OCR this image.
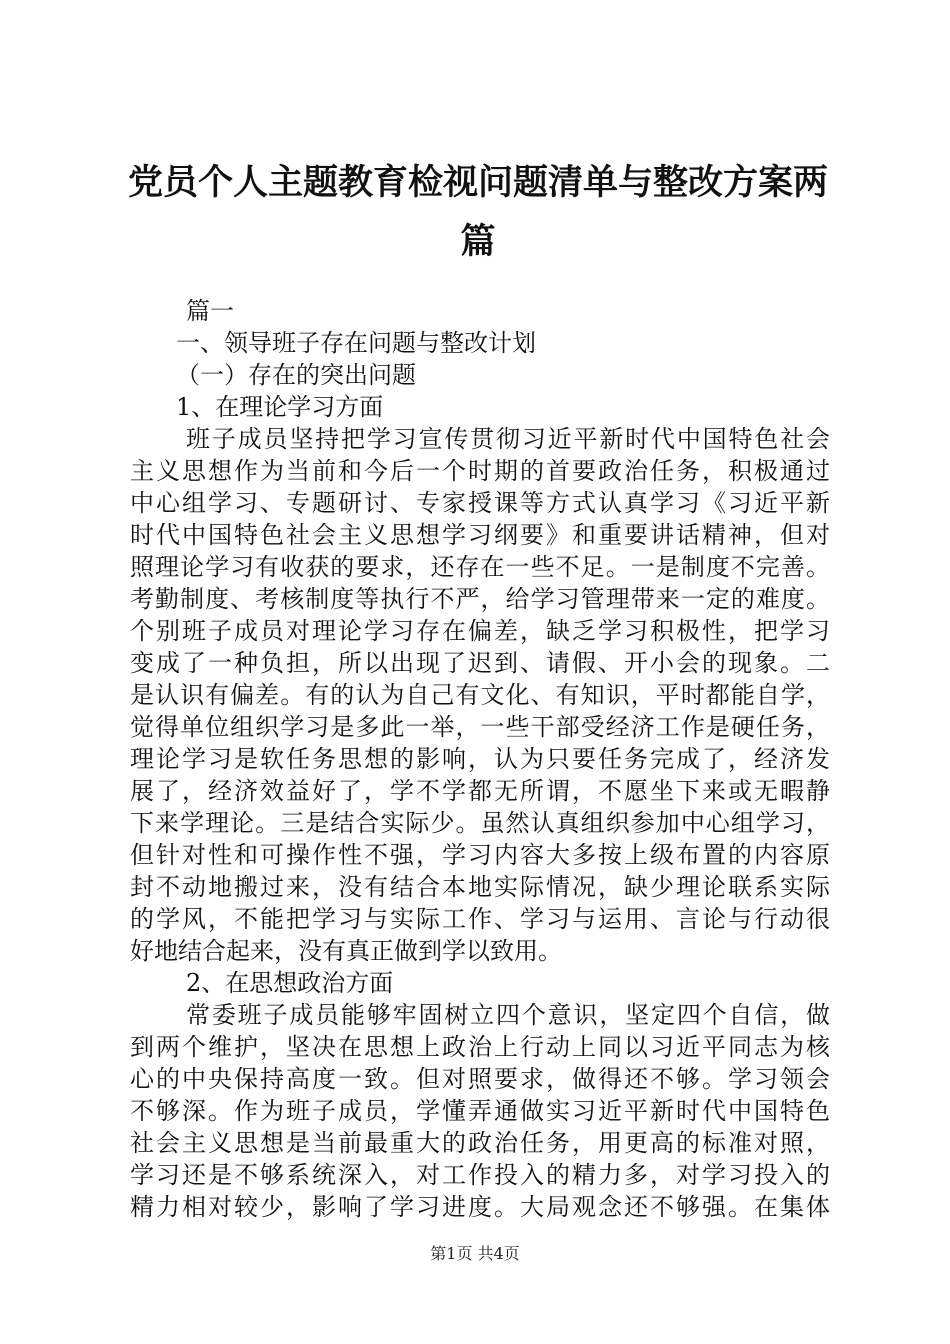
党员个人主题教育检视问题清单与整改方案两
篇
篇一
一、领导班子存在问题与整改计划
（一）存在的突出问题
1、在理论学习方面
班子成员坚持把学习宣传贯彻习近平新时代中国特色社会
主义思想作为当前和今后一个时期的首要政治任务，积极通过
中心组学习、专题研讨、专家授课等方式认真学习《习近平新
时代中国特色社会主义思想学习纲要》和重要讲话精神，但对
照理论学习有收获的要求，还存在一些不足。一是制度不完善。
考勤制度、考核制度等执行不严，给学习管理带来一定的难度。
个别班子成员对理论学习存在偏差，缺乏学习积极性，把学习
变成了一种负担，所以出现了迟到、请假、开小会的现象。二
是认识有偏差。有的认为自己有文化、有知识，平时都能自学，
觉得单位组织学习是多此一举，一些干部受经济工作是硬任务，
理论学习是软任务思想的影响，认为只要任务完成了，经济发
展了，经济效益好了，学不学都无所谓，不愿坐下来或无暇静
下来学理论。三是结合实际少。虽然认真组织参加中心组学习，
但针对性和可操作性不强，学习内容大多按上级布置的内容原
封不动地搬过来，没有结合本地实际情况，缺少理论联系实际
的学风，不能把学习与实际工作、学习与运用、言论与行动很
好地结合起来，没有真正做到学以致用。
2、在思想政治方面
常委班子成员能够牢固树立四个意识，坚定四个自信，做
到两个维护，坚决在思想上政治上行动上同以习近平同志为核
心的中央保持高度一致。但对照要求，做得还不够。学习领会
不够深。作为班子成员，学懂弄通做实习近平新时代中国特色
社会主义思想是当前最重大的政治任务，用更高的标准对照，
学习还是不够系统深入，对工作投入的精力多，对学习投入的
精力相对较少，影响了学习进度。大局观念还不够强。在集体
第1页 共4页
